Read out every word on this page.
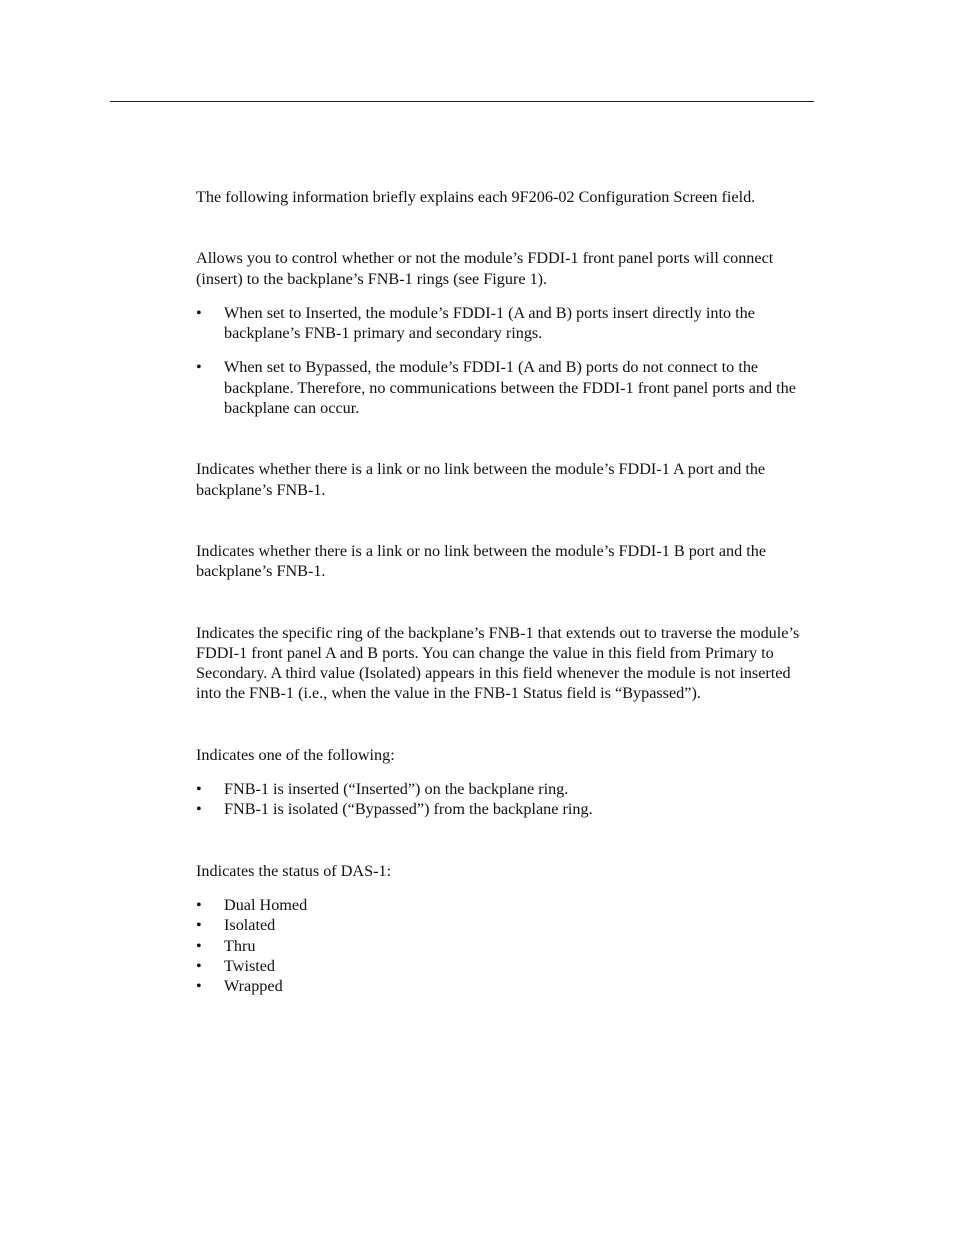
The following information briefly explains each 9F206-02 Configuration Screen field.

Allows you to control whether or not the module’s FDDI-1 front panel ports will connect (insert) to the backplane’s FNB-1 rings (see Figure 1).

•	When set to Inserted, the module’s FDDI-1 (A and B) ports insert directly into the backplane’s FNB-1 primary and secondary rings.
•	When set to Bypassed, the module’s FDDI-1 (A and B) ports do not connect to the backplane. Therefore, no communications between the FDDI-1 front panel ports and the backplane can occur.

Indicates whether there is a link or no link between the module’s FDDI-1 A port and the backplane’s FNB-1.

Indicates whether there is a link or no link between the module’s FDDI-1 B port and the backplane’s FNB-1.

Indicates the specific ring of the backplane’s FNB-1 that extends out to traverse the module’s FDDI-1 front panel A and B ports. You can change the value in this field from Primary to Secondary. A third value (Isolated) appears in this field whenever the module is not inserted into the FNB-1 (i.e., when the value in the FNB-1 Status field is “Bypassed”).

Indicates one of the following:

•	FNB-1 is inserted (“Inserted”) on the backplane ring.
•	FNB-1 is isolated (“Bypassed”) from the backplane ring.

Indicates the status of DAS-1:

•	Dual Homed
•	Isolated
•	Thru
•	Twisted
•	Wrapped
